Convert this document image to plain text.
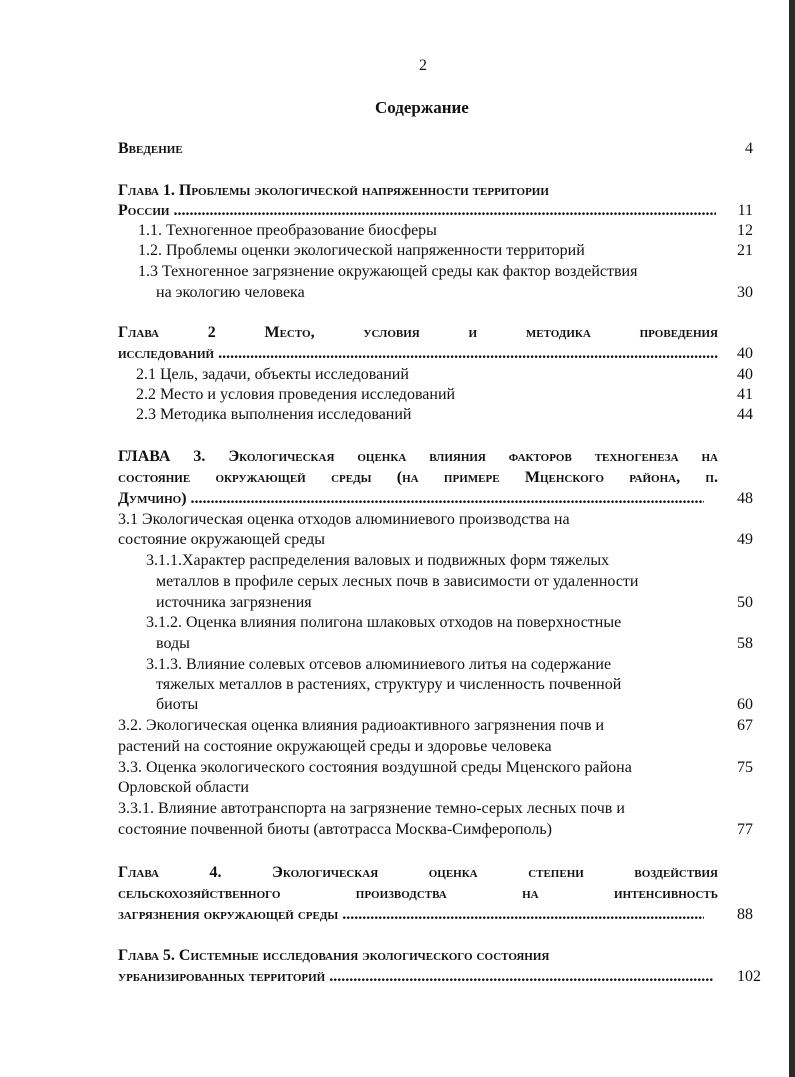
2
Содержание
Введение	4
Глава 1. Проблемы экологической напряженности территории
России .....	11
1.1. Техногенное преобразование биосферы	12
1.2. Проблемы оценки экологической напряженности территорий	21
1.3 Техногенное загрязнение окружающей среды как фактор воздействия
на экологию человека	30
Глава 2 Место, условия и методика проведения
исследований .....	40
2.1 Цель, задачи, объекты исследований	40
2.2 Место и условия проведения исследований	41
2.3 Методика выполнения исследований	44
ГЛАВА 3. Экологическая оценка влияния факторов техногенеза на
состояние окружающей среды (на примере Мценского района, п.
Думчино) .....	48
3.1 Экологическая оценка отходов алюминиевого производства на
состояние окружающей среды	49
3.1.1.Характер распределения валовых и подвижных форм тяжелых
металлов в профиле серых лесных почв в зависимости от удаленности
источника загрязнения	50
3.1.2. Оценка влияния полигона шлаковых отходов на поверхностные
воды	58
3.1.3. Влияние солевых отсевов алюминиевого литья на содержание
тяжелых металлов в растениях, структуру и численность почвенной
биоты	60
3.2. Экологическая оценка влияния радиоактивного загрязнения почв и	67
растений на состояние окружающей среды и здоровье человека
3.3. Оценка экологического состояния воздушной среды Мценского района	75
Орловской области
3.3.1. Влияние автотранспорта на загрязнение темно-серых лесных почв и
состояние почвенной биоты (автотрасса Москва-Симферополь)	77
Глава 4. Экологическая оценка степени воздействия
сельскохозяйственного производства на интенсивность
загрязнения окружающей среды .....	88
Глава 5. Системные исследования экологического состояния
урбанизированных территорий .....	102
